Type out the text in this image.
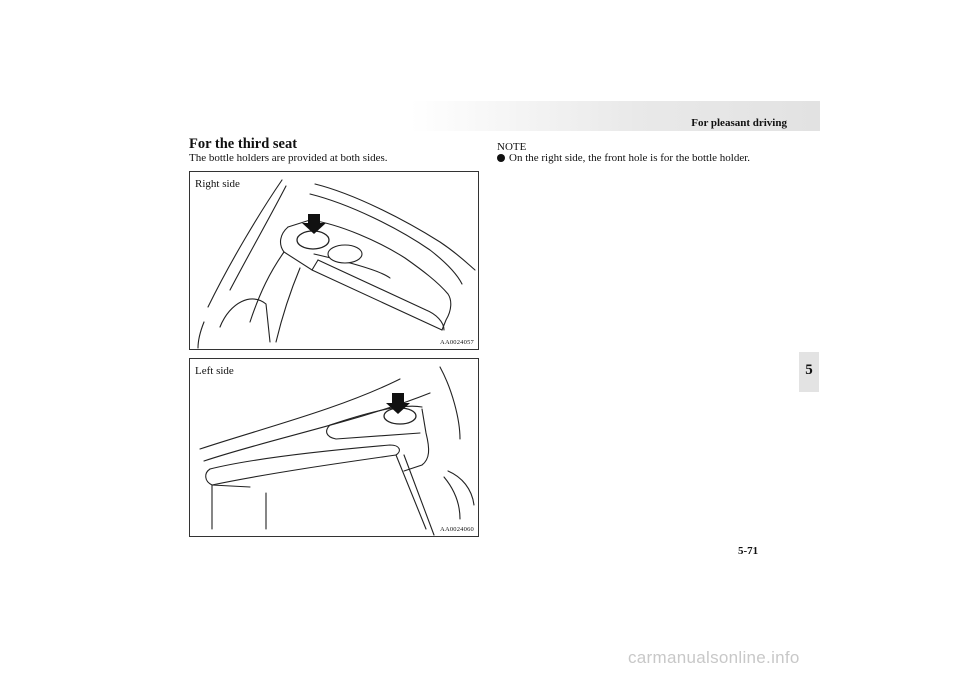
For pleasant driving
For the third seat
The bottle holders are provided at both sides.
Right side
AA0024057
Left side
AA0024060
NOTE
On the right side, the front hole is for the bottle holder.
5
5-71
carmanualsonline.info
